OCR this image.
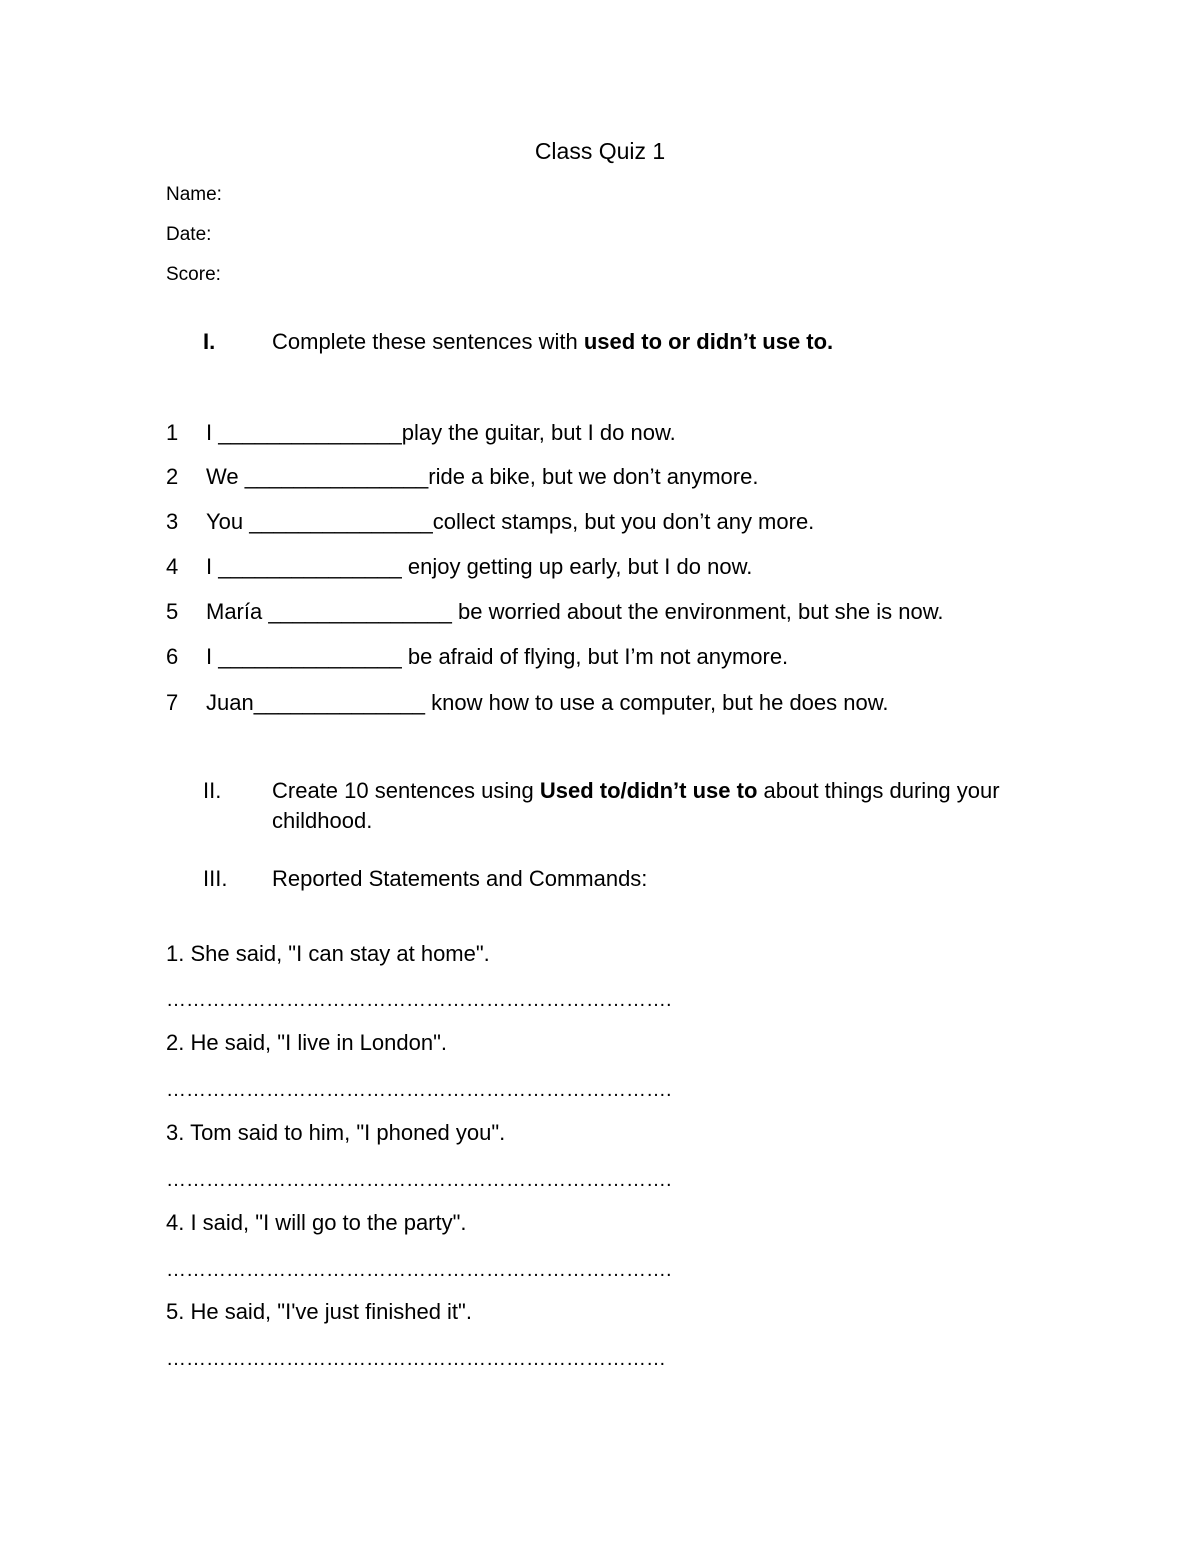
Class Quiz 1
Name:
Date:
Score:
I.	Complete these sentences with used to or didn’t use to.
1 I _______________play the guitar, but I do now.
2 We _______________ride a bike, but we don’t anymore.
3 You _______________collect stamps, but you don’t any more.
4 I _______________ enjoy getting up early, but I do now.
5 María _______________ be worried about the environment, but she is now.
6 I _______________ be afraid of flying, but I’m not anymore.
7 Juan______________ know how to use a computer, but he does now.
II. Create 10 sentences using Used to/didn’t use to about things during your childhood.
III. Reported Statements and Commands:
1. She said, "I can stay at home".
………………………………………………………………….
2. He said, "I live in London".
………………………………………………………………….
3. Tom said to him, "I phoned you".
………………………………………………………………….
4. I said, "I will go to the party".
………………………………………………………………….
5. He said, "I've just finished it".
…………………………………………………………………
